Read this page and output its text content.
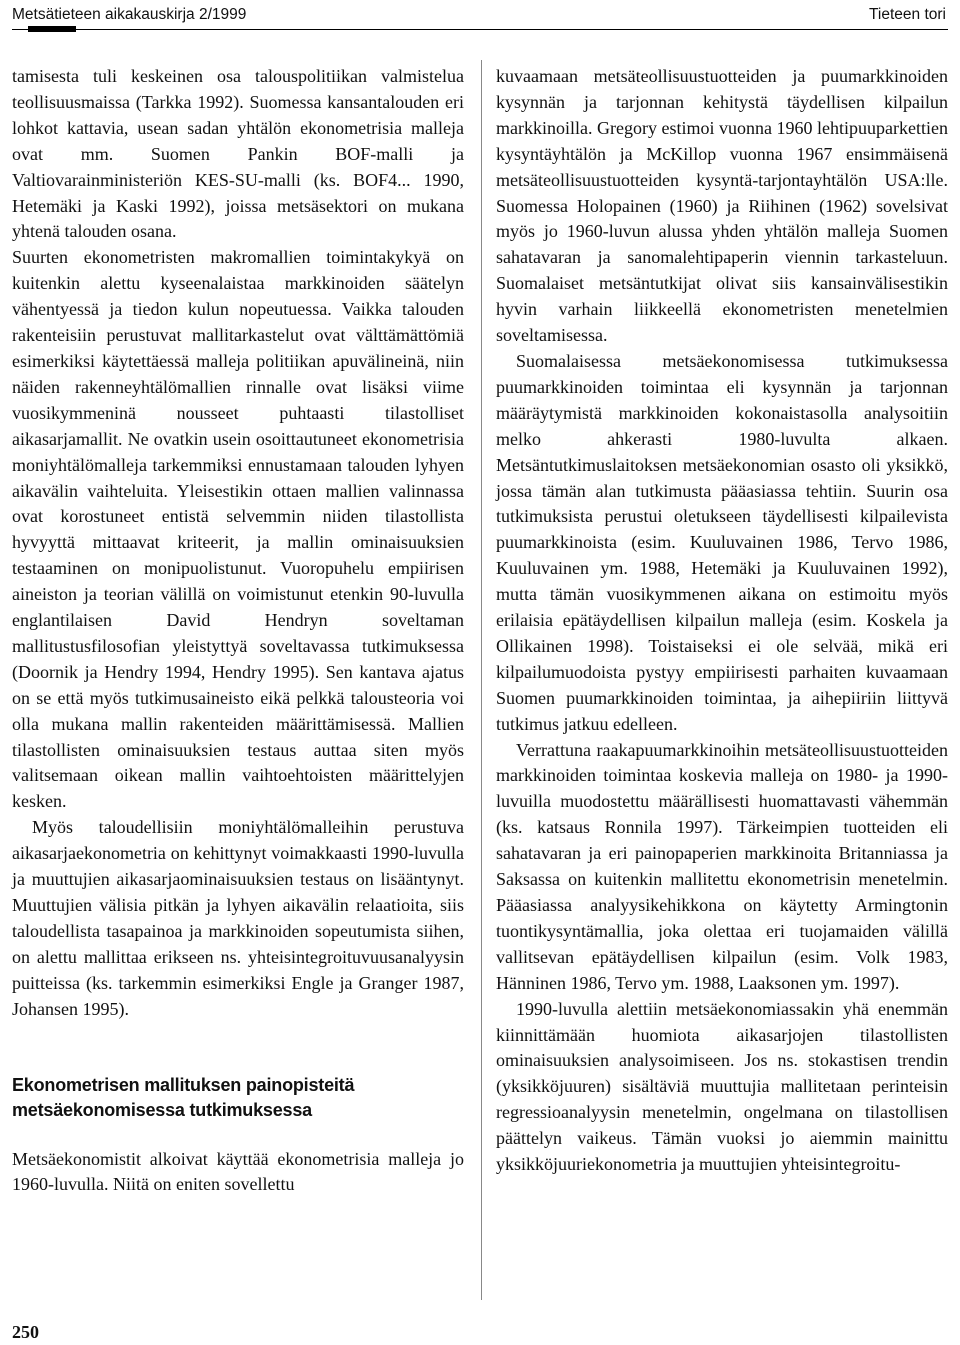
Metsätieteen aikakauskirja 2/1999	Tieteen tori

tamisesta tuli keskeinen osa talouspolitiikan valmistelua teollisuusmaissa (Tarkka 1992). Suomessa kansantalouden eri lohkot kattavia, usean sadan yhtälön ekonometrisia malleja ovat mm. Suomen Pankin BOF-malli ja Valtiovarainministeriön KES-SU-malli (ks. BOF4... 1990, Hetemäki ja Kaski 1992), joissa metsäsektori on mukana yhtenä talouden osana.

Suurten ekonometristen makromallien toimintakykyä on kuitenkin alettu kyseenalaistaa markkinoiden säätelyn vähentyessä ja tiedon kulun nopeutuessa. Vaikka talouden rakenteisiin perustuvat mallitarkastelut ovat välttämättömiä esimerkiksi käytettäessä malleja politiikan apuvälineinä, niin näiden rakenneyhtälömallien rinnalle ovat lisäksi viime vuosikymmeninä nousseet puhtaasti tilastolliset aikasarjamallit. Ne ovatkin usein osoittautuneet ekonometrisia moniyhtälömalleja tarkemmiksi ennustamaan talouden lyhyen aikavälin vaihteluita. Yleisestikin ottaen mallien valinnassa ovat korostuneet entistä selvemmin niiden tilastollista hyvyyttä mittaavat kriteerit, ja mallin ominaisuuksien testaaminen on monipuolistunut. Vuoropuhelu empiirisen aineiston ja teorian välillä on voimistunut etenkin 90-luvulla englantilaisen David Hendryn soveltaman mallitustusfilosofian yleistyttyä soveltavassa tutkimuksessa (Doornik ja Hendry 1994, Hendry 1995). Sen kantava ajatus on se että myös tutkimusaineisto eikä pelkkä talousteoria voi olla mukana mallin rakenteiden määrittämisessä. Mallien tilastollisten ominaisuuksien testaus auttaa siten myös valitsemaan oikean mallin vaihtoehtoisten määrittelyjen kesken.

Myös taloudellisiin moniyhtälömalleihin perustuva aikasarjaekonometria on kehittynyt voimakkaasti 1990-luvulla ja muuttujien aikasarjaominaisuuksien testaus on lisääntynyt. Muuttujien välisia pitkän ja lyhyen aikavälin relaatioita, siis taloudellista tasapainoa ja markkinoiden sopeutumista siihen, on alettu mallittaa erikseen ns. yhteisintegroituvuusanalyysin puitteissa (ks. tarkemmin esimerkiksi Engle ja Granger 1987, Johansen 1995).

Ekonometrisen mallituksen painopisteitä metsäekonomisessa tutkimuksessa

Metsäekonomistit alkoivat käyttää ekonometrisia malleja jo 1960-luvulla. Niitä on eniten sovellettu

kuvaamaan metsäteollisuustuotteiden ja puumarkkinoiden kysynnän ja tarjonnan kehitystä täydellisen kilpailun markkinoilla. Gregory estimoi vuonna 1960 lehtipuuparkettien kysyntäyhtälön ja McKillop vuonna 1967 ensimmäisenä metsäteollisuustuotteiden kysyntä-tarjontayhtälön USA:lle. Suomessa Holopainen (1960) ja Riihinen (1962) sovelsivat myös jo 1960-luvun alussa yhden yhtälön malleja Suomen sahatavaran ja sanomalehtipaperin viennin tarkasteluun. Suomalaiset metsäntutkijat olivat siis kansainvälisestikin hyvin varhain liikkeellä ekonometristen menetelmien soveltamisessa.

Suomalaisessa metsäekonomisessa tutkimuksessa puumarkkinoiden toimintaa eli kysynnän ja tarjonnan määräytymistä markkinoiden kokonaistasolla analysoitiin melko ahkerasti 1980-luvulta alkaen. Metsäntutkimuslaitoksen metsäekonomian osasto oli yksikkö, jossa tämän alan tutkimusta pääasiassa tehtiin. Suurin osa tutkimuksista perustui oletukseen täydellisesti kilpailevista puumarkkinoista (esim. Kuuluvainen 1986, Tervo 1986, Kuuluvainen ym. 1988, Hetemäki ja Kuuluvainen 1992), mutta tämän vuosikymmenen aikana on estimoitu myös erilaisia epätäydellisen kilpailun malleja (esim. Koskela ja Ollikainen 1998). Toistaiseksi ei ole selvää, mikä eri kilpailumuodoista pystyy empiirisesti parhaiten kuvaamaan Suomen puumarkkinoiden toimintaa, ja aihepiiriin liittyvä tutkimus jatkuu edelleen.

Verrattuna raakapuumarkkinoihin metsäteollisuustuotteiden markkinoiden toimintaa koskevia malleja on 1980- ja 1990-luvuilla muodostettu määrällisesti huomattavasti vähemmän (ks. katsaus Ronnila 1997). Tärkeimpien tuotteiden eli sahatavaran ja eri painopaperien markkinoita Britanniassa ja Saksassa on kuitenkin mallitettu ekonometrisin menetelmin. Pääasiassa analyysikehikkona on käytetty Armingtonin tuontikysyntämallia, joka olettaa eri tuojamaiden välillä vallitsevan epätäydellisen kilpailun (esim. Volk 1983, Hänninen 1986, Tervo ym. 1988, Laaksonen ym. 1997).

1990-luvulla alettiin metsäekonomiassakin yhä enemmän kiinnittämään huomiota aikasarjojen tilastollisten ominaisuuksien analysoimiseen. Jos ns. stokastisen trendin (yksikköjuuren) sisältäviä muuttujia mallitetaan perinteisin regressioanalyysin menetelmin, ongelmana on tilastollisen päättelyn vaikeus. Tämän vuoksi jo aiemmin mainittu yksikköjuuriekonometria ja muuttujien yhteisintegroitu-

250
